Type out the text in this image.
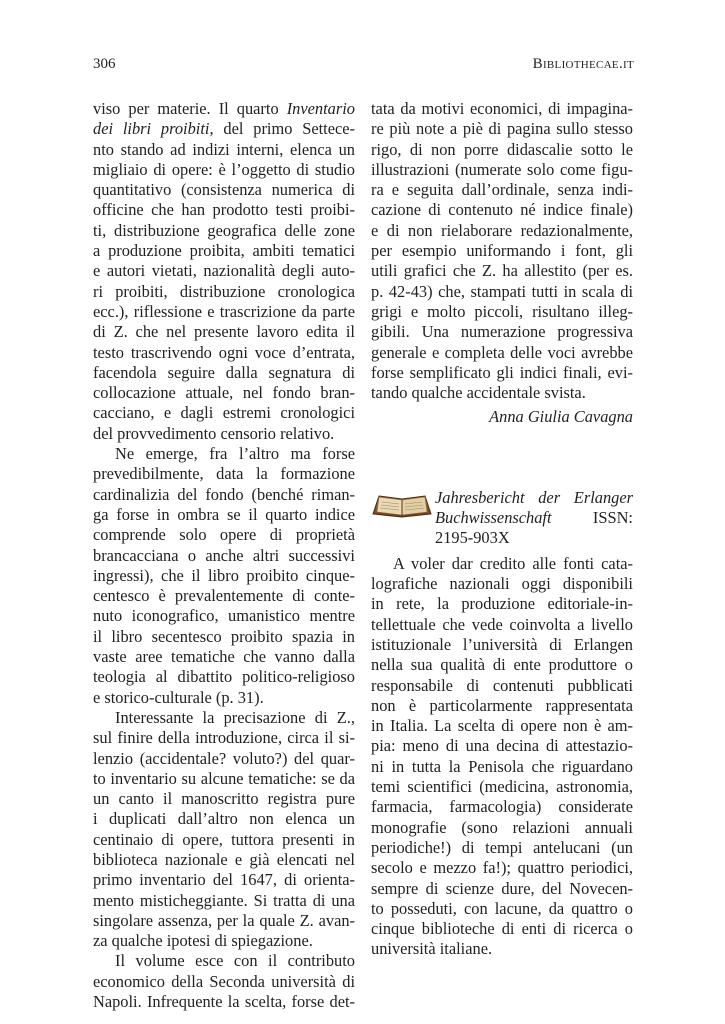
306	Bibliothecae.it
viso per materie. Il quarto Inventario
dei libri proibiti, del primo Settece-
nto stando ad indizi interni, elenca un
migliaio di opere: è l’oggetto di studio
quantitativo (consistenza numerica di
officine che han prodotto testi proibi-
ti, distribuzione geografica delle zone
a produzione proibita, ambiti tematici
e autori vietati, nazionalità degli auto-
ri proibiti, distribuzione cronologica
ecc.), riflessione e trascrizione da parte
di Z. che nel presente lavoro edita il
testo trascrivendo ogni voce d’entrata,
facendola seguire dalla segnatura di
collocazione attuale, nel fondo bran-
cacciano, e dagli estremi cronologici
del provvedimento censorio relativo.
Ne emerge, fra l’altro ma forse
prevedibilmente, data la formazione
cardinalizia del fondo (benché riman-
ga forse in ombra se il quarto indice
comprende solo opere di proprietà
brancacciana o anche altri successivi
ingressi), che il libro proibito cinque-
centesco è prevalentemente di conte-
nuto iconografico, umanistico mentre
il libro secentesco proibito spazia in
vaste aree tematiche che vanno dalla
teologia al dibattito politico-religioso
e storico-culturale (p. 31).
Interessante la precisazione di Z.,
sul finire della introduzione, circa il si-
lenzio (accidentale? voluto?) del quar-
to inventario su alcune tematiche: se da
un canto il manoscritto registra pure
i duplicati dall’altro non elenca un
centinaio di opere, tuttora presenti in
biblioteca nazionale e già elencati nel
primo inventario del 1647, di orienta-
mento misticheggiante. Si tratta di una
singolare assenza, per la quale Z. avan-
za qualche ipotesi di spiegazione.
Il volume esce con il contributo
economico della Seconda università di
Napoli. Infrequente la scelta, forse det-
tata da motivi economici, di impagina-
re più note a piè di pagina sullo stesso
rigo, di non porre didascalie sotto le
illustrazioni (numerate solo come figu-
ra e seguita dall’ordinale, senza indi-
cazione di contenuto né indice finale)
e di non rielaborare redazionalmente,
per esempio uniformando i font, gli
utili grafici che Z. ha allestito (per es.
p. 42-43) che, stampati tutti in scala di
grigi e molto piccoli, risultano illeg-
gibili. Una numerazione progressiva
generale e completa delle voci avrebbe
forse semplificato gli indici finali, evi-
tando qualche accidentale svista.
Anna Giulia Cavagna
Jahresbericht der Erlanger
Buchwissenschaft	ISSN:
2195-903X
A voler dar credito alle fonti cata-
lografiche nazionali oggi disponibili
in rete, la produzione editoriale-in-
tellettuale che vede coinvolta a livello
istituzionale l’università di Erlangen
nella sua qualità di ente produttore o
responsabile di contenuti pubblicati
non è particolarmente rappresentata
in Italia. La scelta di opere non è am-
pia: meno di una decina di attestazio-
ni in tutta la Penisola che riguardano
temi scientifici (medicina, astronomia,
farmacia, farmacologia) considerate
monografie (sono relazioni annuali
periodiche!) di tempi antelucani (un
secolo e mezzo fa!); quattro periodici,
sempre di scienze dure, del Novecen-
to posseduti, con lacune, da quattro o
cinque biblioteche di enti di ricerca o
università italiane.
